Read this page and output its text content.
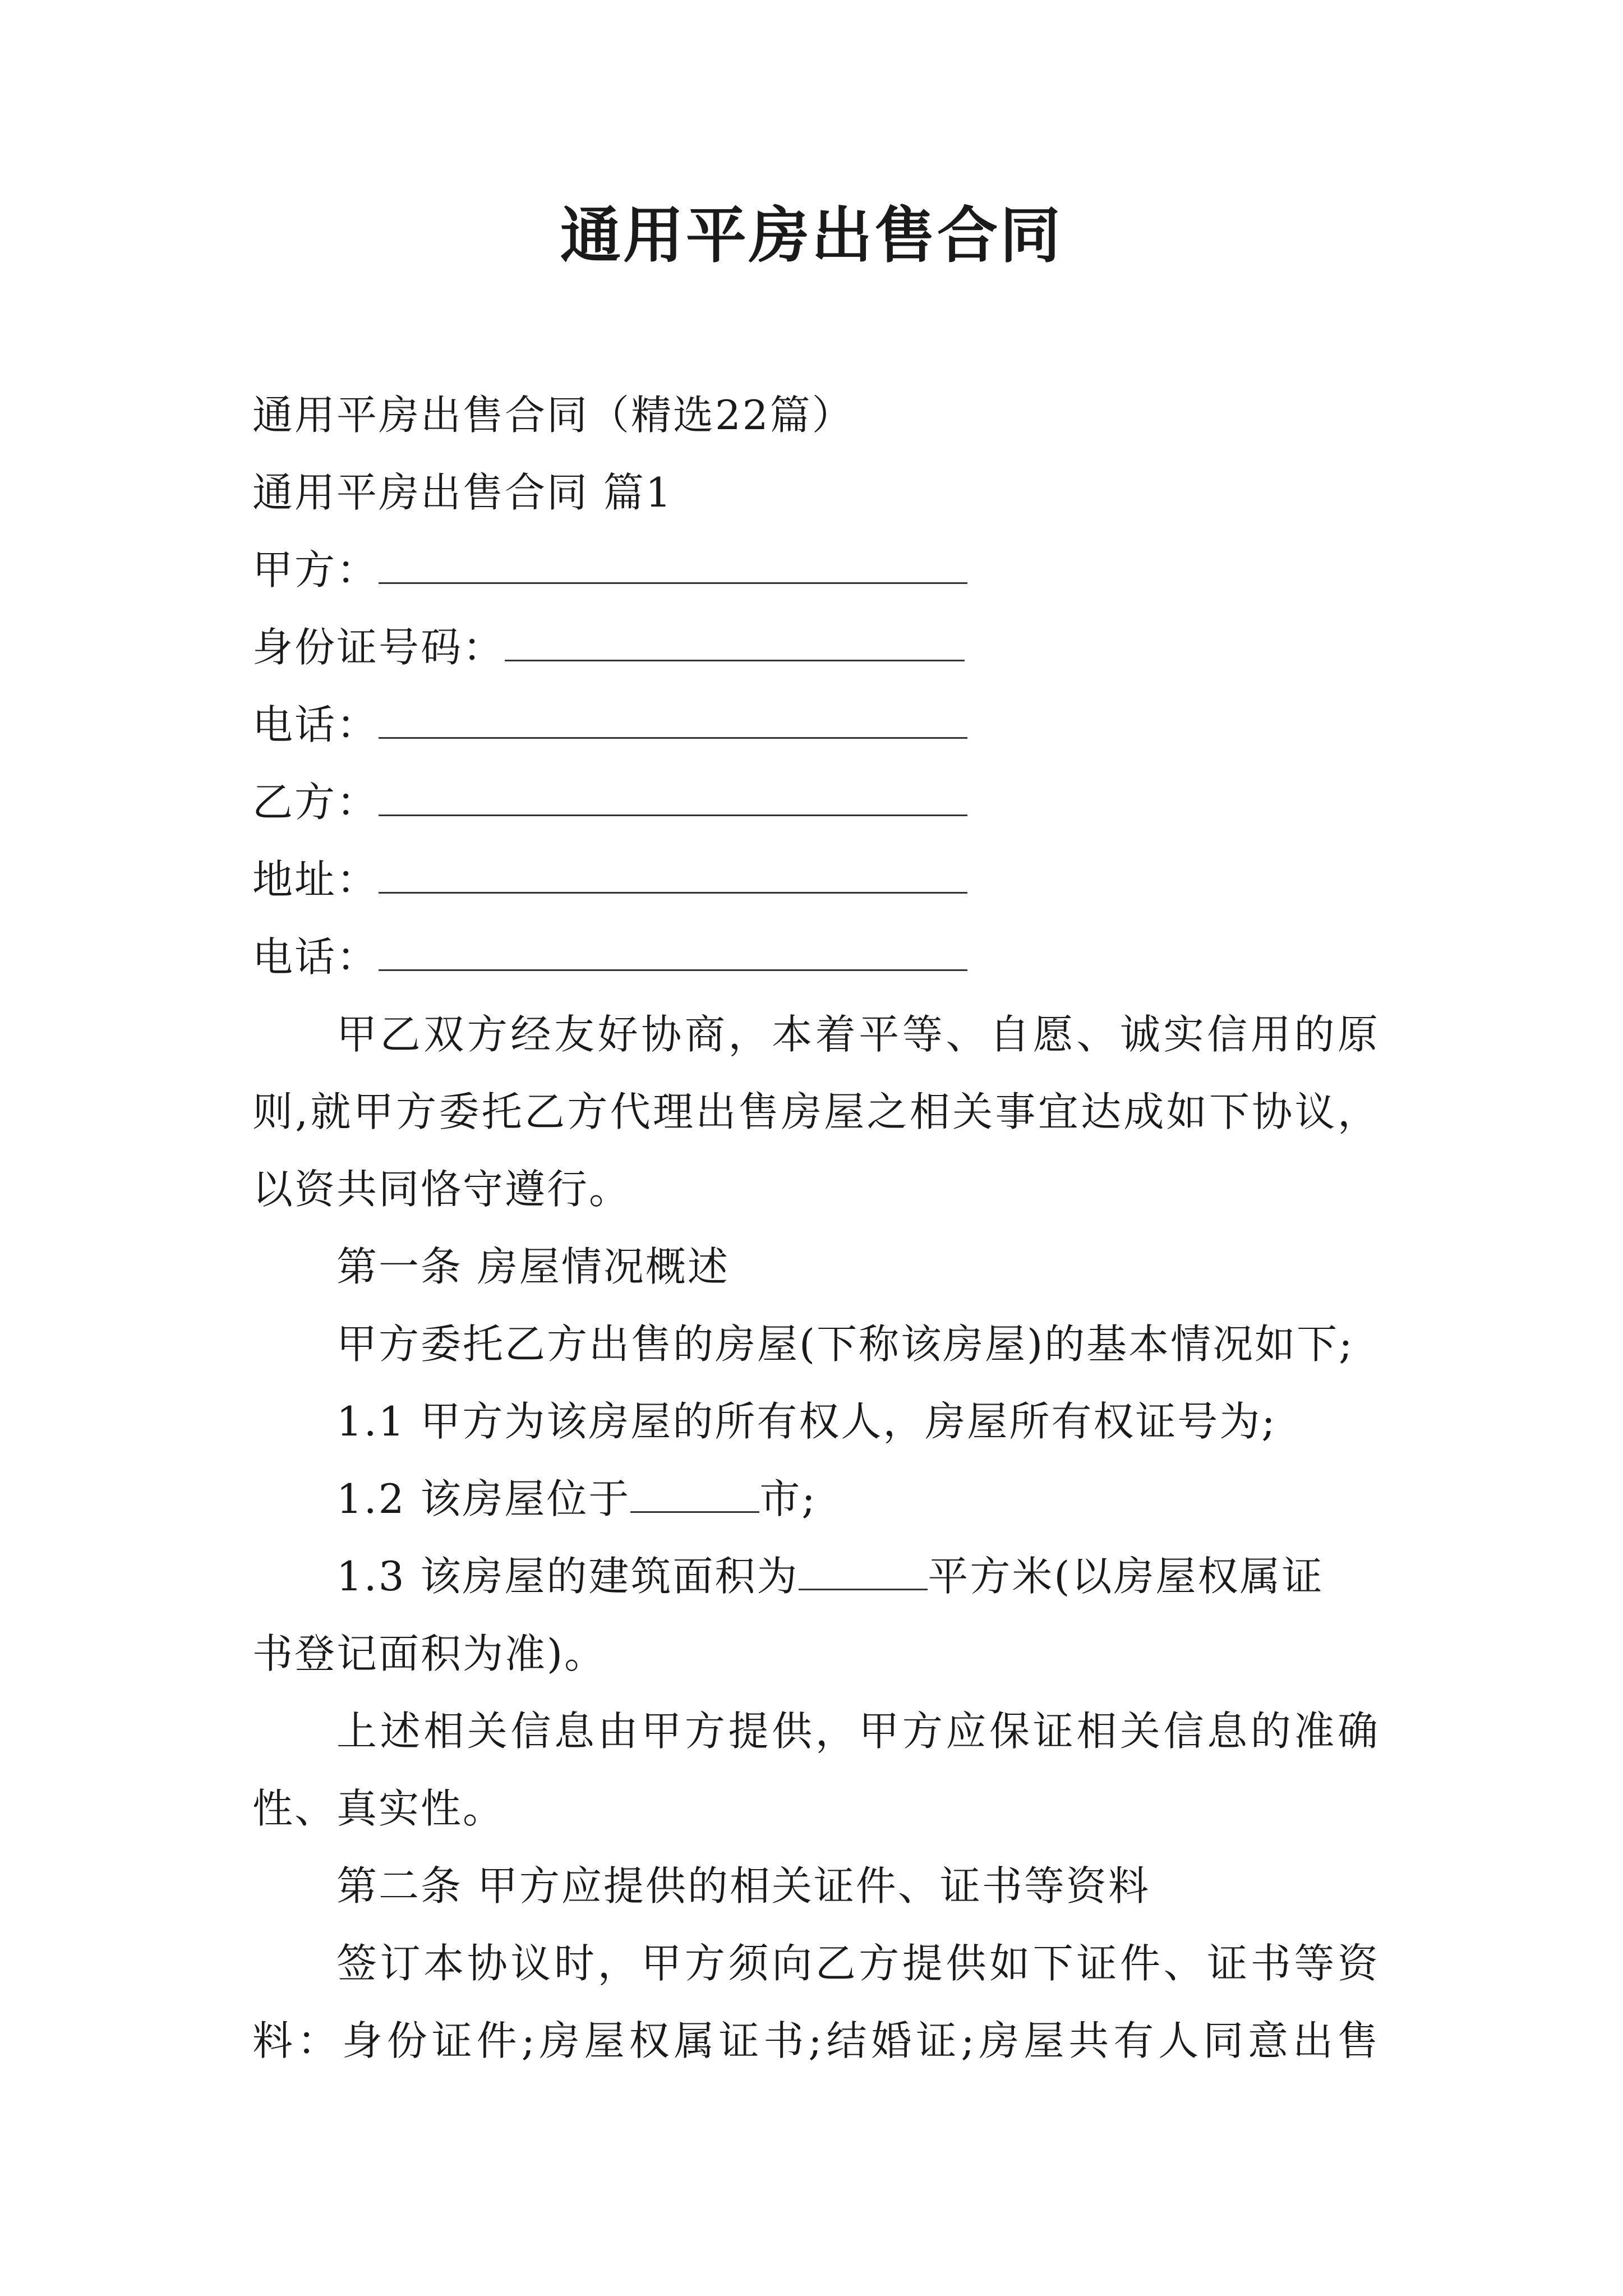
通用平房出售合同
通用平房出售合同（精选22篇）
通用平房出售合同 篇1
甲方：
身份证号码：
电话：
乙方：
地址：
电话：
甲乙双方经友好协商，本着平等、自愿、诚实信用的原
则,就甲方委托乙方代理出售房屋之相关事宜达成如下协议，
以资共同恪守遵行。
第一条 房屋情况概述
甲方委托乙方出售的房屋(下称该房屋)的基本情况如下;
1.1 甲方为该房屋的所有权人，房屋所有权证号为;
1.2 该房屋位于	市;
1.3 该房屋的建筑面积为	平方米(以房屋权属证
书登记面积为准)。
上述相关信息由甲方提供，甲方应保证相关信息的准确
性、真实性。
第二条 甲方应提供的相关证件、证书等资料
签订本协议时，甲方须向乙方提供如下证件、证书等资
料：身份证件;房屋权属证书;结婚证;房屋共有人同意出售
